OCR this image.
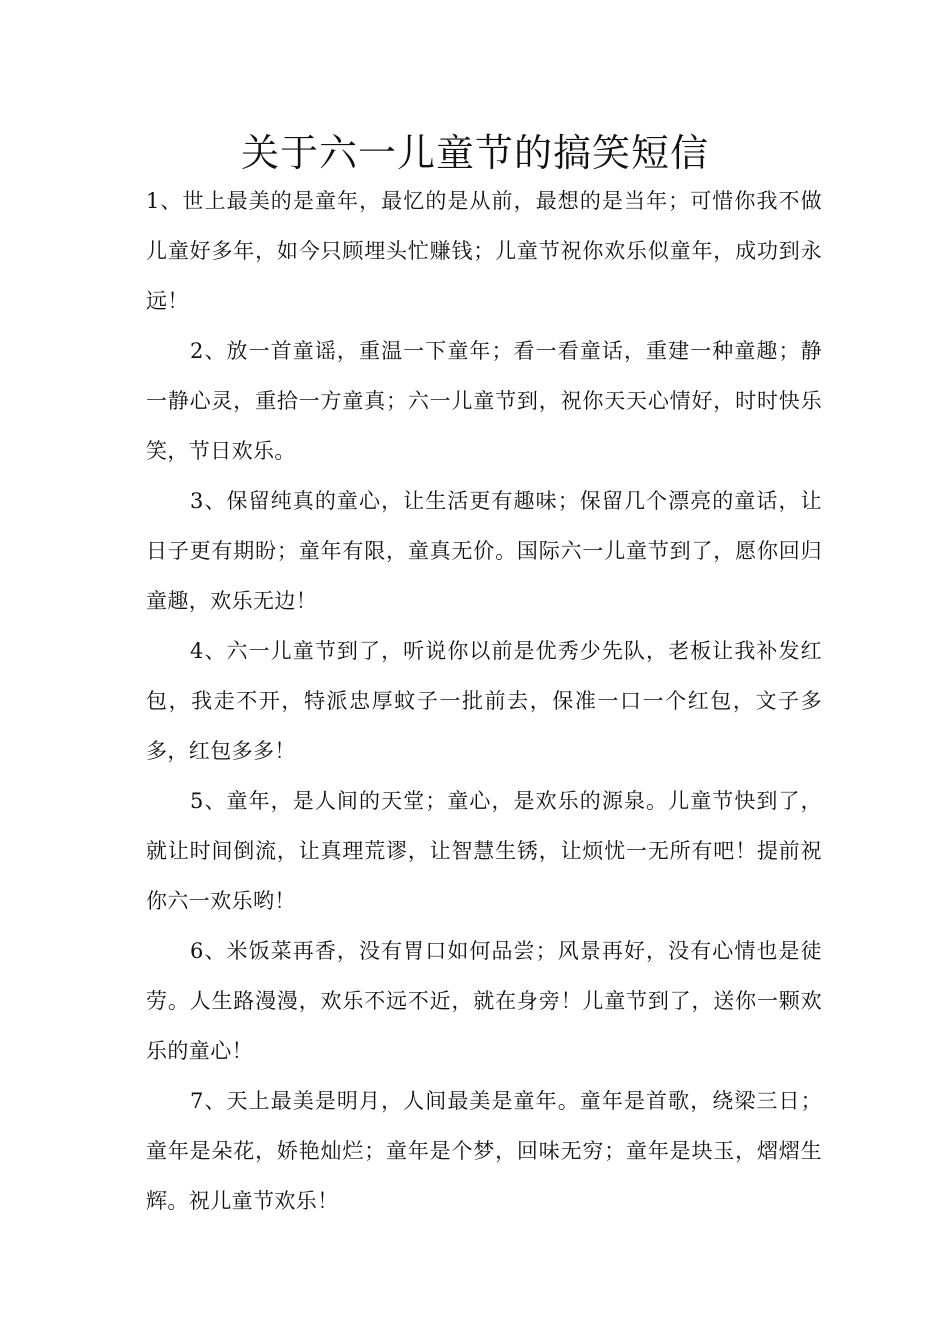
关于六一儿童节的搞笑短信

1、世上最美的是童年，最忆的是从前，最想的是当年；可惜你我不做儿童好多年，如今只顾埋头忙赚钱；儿童节祝你欢乐似童年，成功到永远！

2、放一首童谣，重温一下童年；看一看童话，重建一种童趣；静一静心灵，重拾一方童真；六一儿童节到，祝你天天心情好，时时快乐笑，节日欢乐。

3、保留纯真的童心，让生活更有趣味；保留几个漂亮的童话，让日子更有期盼；童年有限，童真无价。国际六一儿童节到了，愿你回归童趣，欢乐无边！

4、六一儿童节到了，听说你以前是优秀少先队，老板让我补发红包，我走不开，特派忠厚蚊子一批前去，保准一口一个红包，文子多多，红包多多！

5、童年，是人间的天堂；童心，是欢乐的源泉。儿童节快到了，就让时间倒流，让真理荒谬，让智慧生锈，让烦忧一无所有吧！提前祝你六一欢乐哟！

6、米饭菜再香，没有胃口如何品尝；风景再好，没有心情也是徒劳。人生路漫漫，欢乐不远不近，就在身旁！儿童节到了，送你一颗欢乐的童心！

7、天上最美是明月，人间最美是童年。童年是首歌，绕梁三日；童年是朵花，娇艳灿烂；童年是个梦，回味无穷；童年是块玉，熠熠生辉。祝儿童节欢乐！
